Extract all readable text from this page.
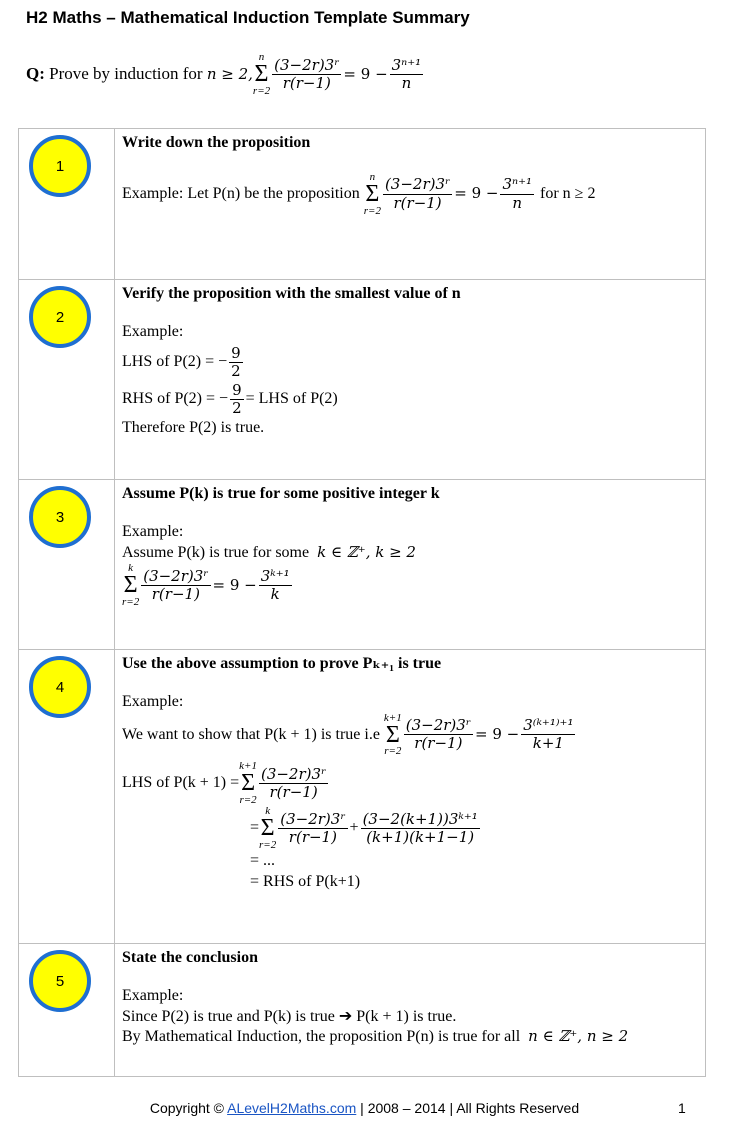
H2 Maths – Mathematical Induction Template Summary
Q:
Prove by induction for
n ≥ 2,
n
Σ
$r=2 \frac{\text{(3−2r)3ʳ}}{r(r-1)} = 9 - \frac{\text{3ⁿ⁺¹}}{n}$
1
Write down the proposition
Example: Let P(n) be the proposition

n
Σ
$r=2 \frac{\text{(3−2r)3ʳ}}{r(r-1)} = 9 - \frac{\text{3ⁿ⁺¹}}{n}$
for n ≥ 2
2
Verify the proposition with the smallest value of n
Example:
LHS of P(2) = − $\frac{9}{2}$
RHS of P(2) = − $\frac{9}{2}$ = LHS of P(2)
Therefore P(2) is true.
3
Assume P(k) is true for some positive integer k
Example:
Assume P(k) is true for some k ∈ ℤ⁺, k ≥ 2
k
Σ
$r=2 \frac{\text{(3−2r)3ʳ}}{r(r-1)} = 9 - \frac{\text{3ᵏ⁺¹}}{k}$
4
Use the above assumption to prove Pₖ₊₁ is true
Example:
We want to show that P(k + 1) is true i.e

k+1
Σ
$r=2 \frac{\text{(3−2r)3ʳ}}{r(r-1)} = 9 - \frac{\text{3⁽ᵏ⁺¹⁾⁺¹}}{k+1}$
LHS of P(k + 1) =
k+1
Σ
$r=2 \frac{\text{(3−2r)3ʳ}}{r(r-1)}$
=
k
Σ
$r=2 \frac{\text{(3−2r)3ʳ}}{r(r-1)} + \frac{\text{(3−2(k+1))3ᵏ⁺¹}}{(k+1)(k+1-1)}$
= ...
= RHS of P(k+1)
5
State the conclusion
Example:
Since P(2) is true and P(k) is true ➔ P(k + 1) is true.
By Mathematical Induction, the proposition P(n) is true for all n ∈ ℤ⁺, n ≥ 2
Copyright © ALevelH2Maths.com | 2008 – 2014 | All Rights Reserved	1
